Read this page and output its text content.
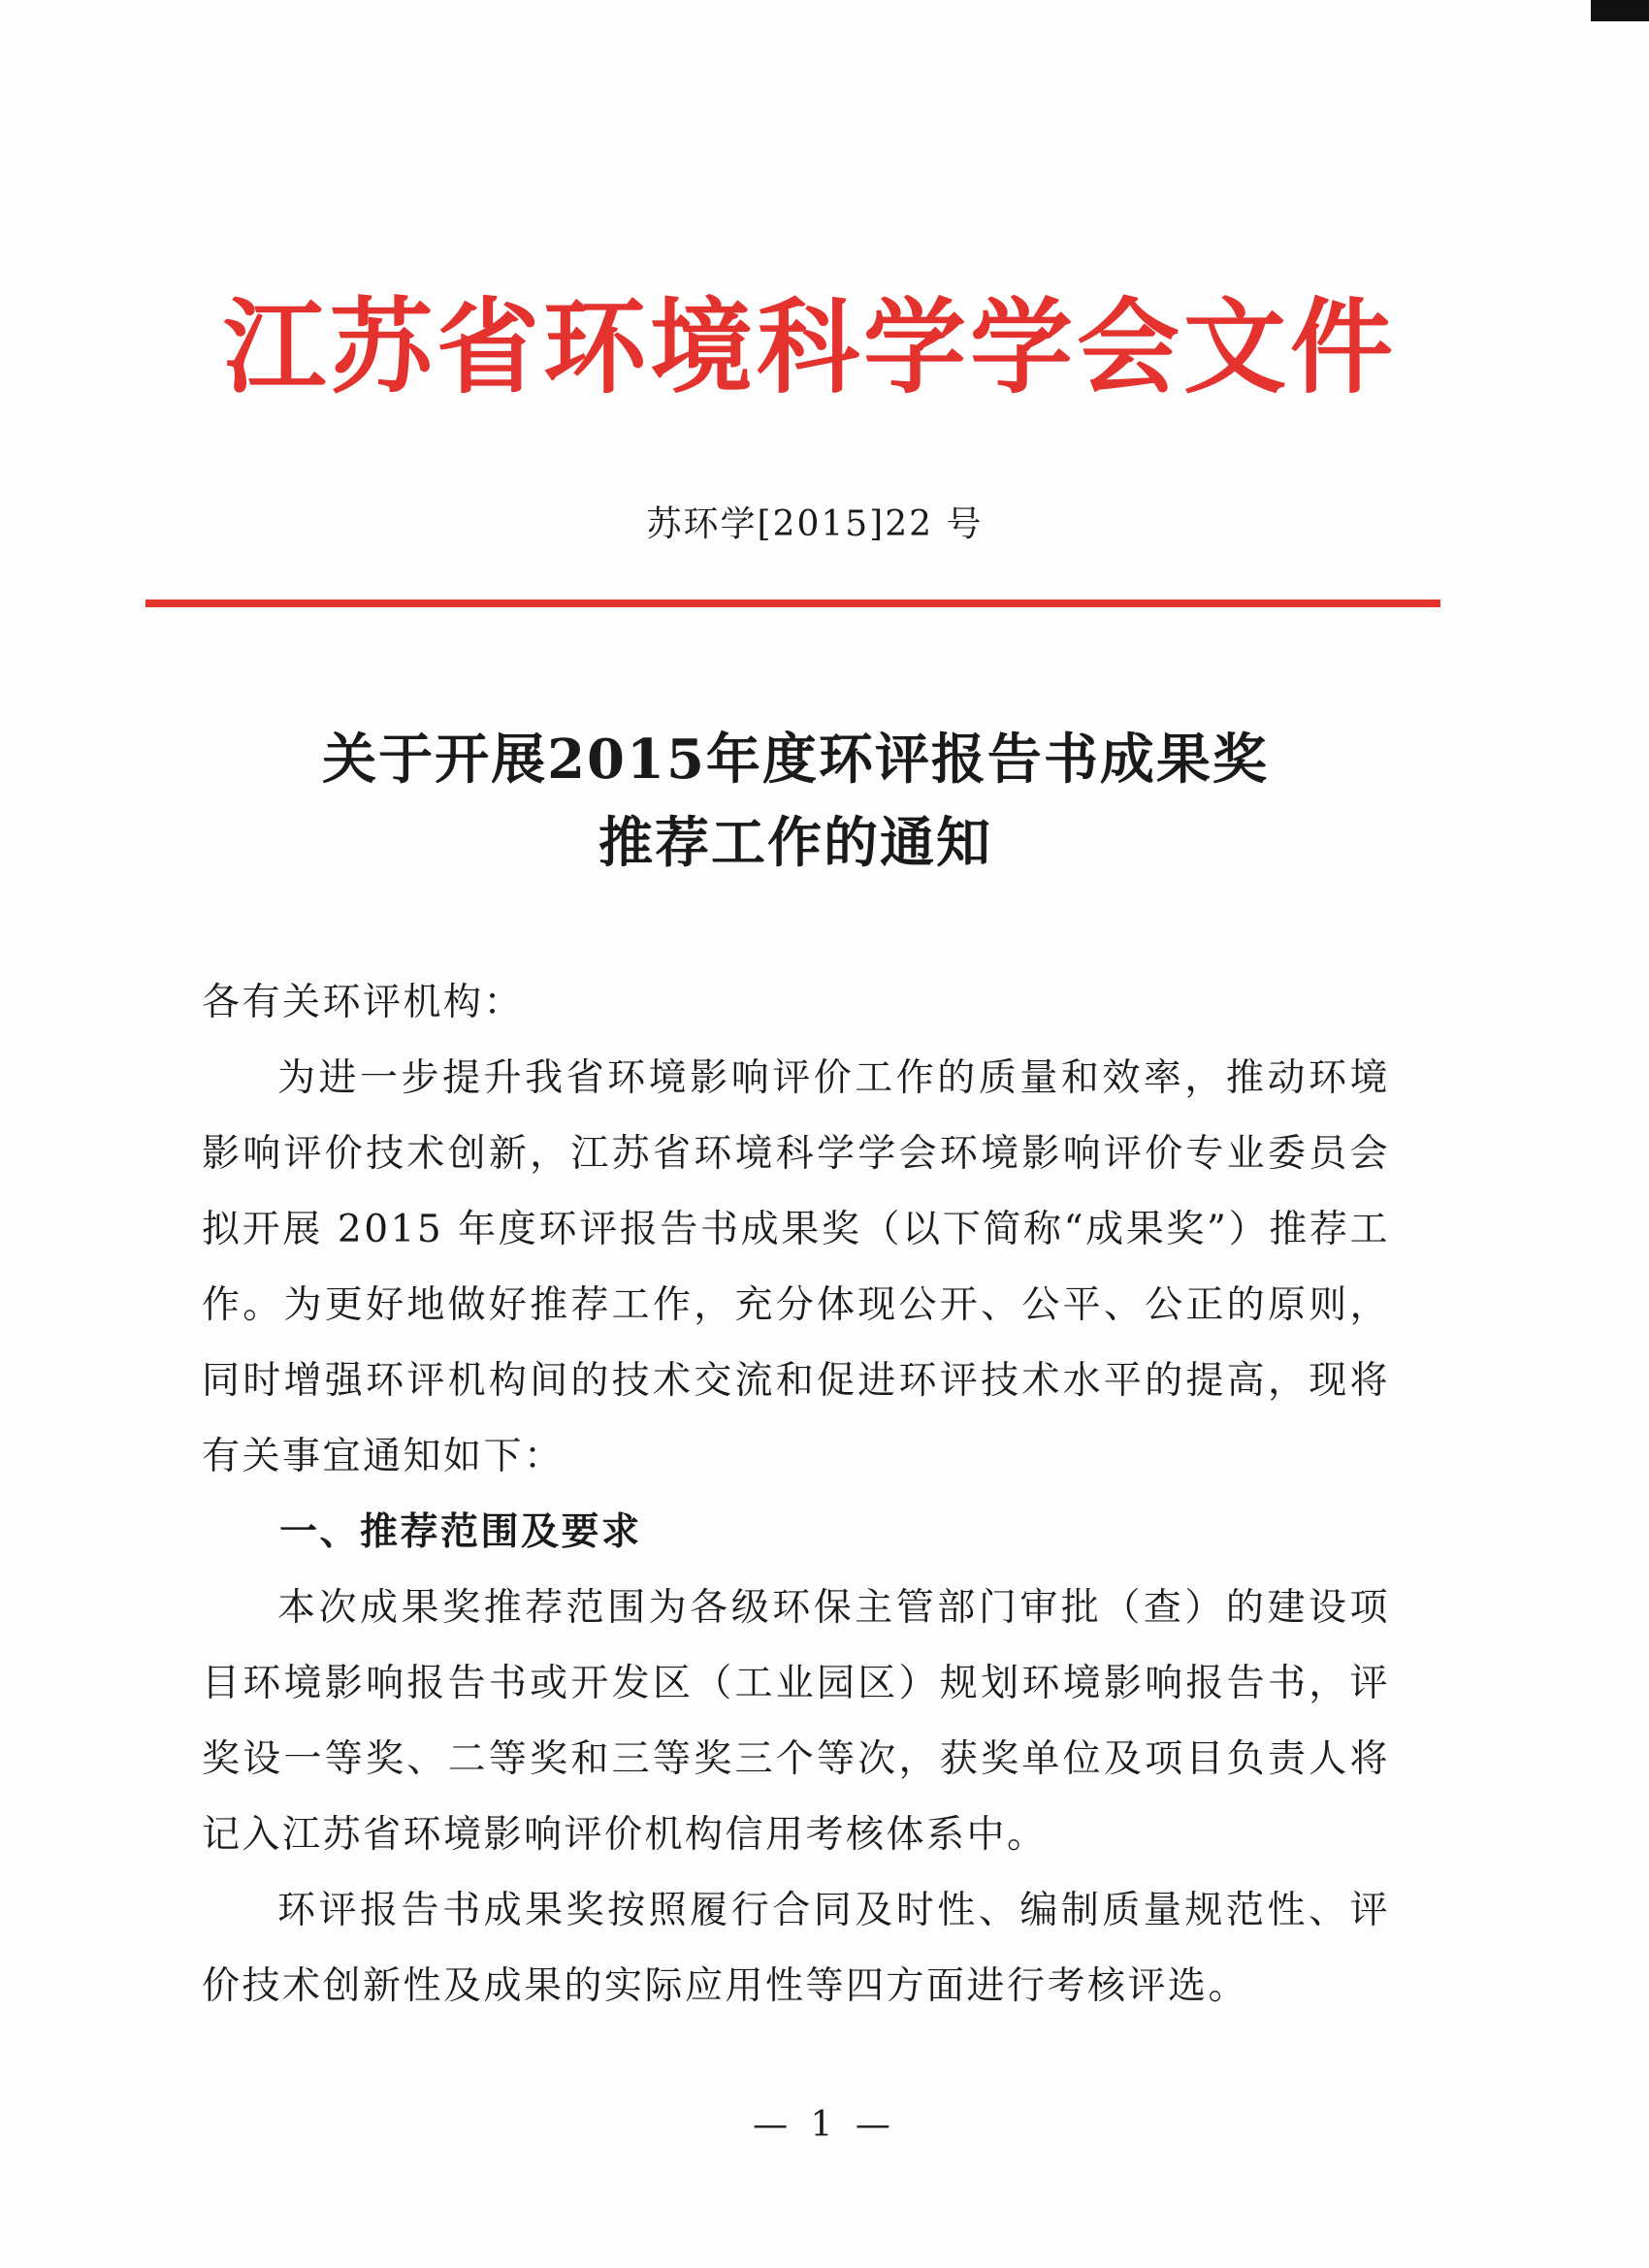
江苏省环境科学学会文件
苏环学[2015]22 号
关于开展2015年度环评报告书成果奖
推荐工作的通知

各有关环评机构：

为进一步提升我省环境影响评价工作的质量和效率，推动环境影响评价技术创新，江苏省环境科学学会环境影响评价专业委员会拟开展 2015 年度环评报告书成果奖（以下简称“成果奖”）推荐工作。为更好地做好推荐工作，充分体现公开、公平、公正的原则，同时增强环评机构间的技术交流和促进环评技术水平的提高，现将有关事宜通知如下：

一、推荐范围及要求

本次成果奖推荐范围为各级环保主管部门审批（查）的建设项目环境影响报告书或开发区（工业园区）规划环境影响报告书，评奖设一等奖、二等奖和三等奖三个等次，获奖单位及项目负责人将记入江苏省环境影响评价机构信用考核体系中。

环评报告书成果奖按照履行合同及时性、编制质量规范性、评价技术创新性及成果的实际应用性等四方面进行考核评选。

— 1 —
